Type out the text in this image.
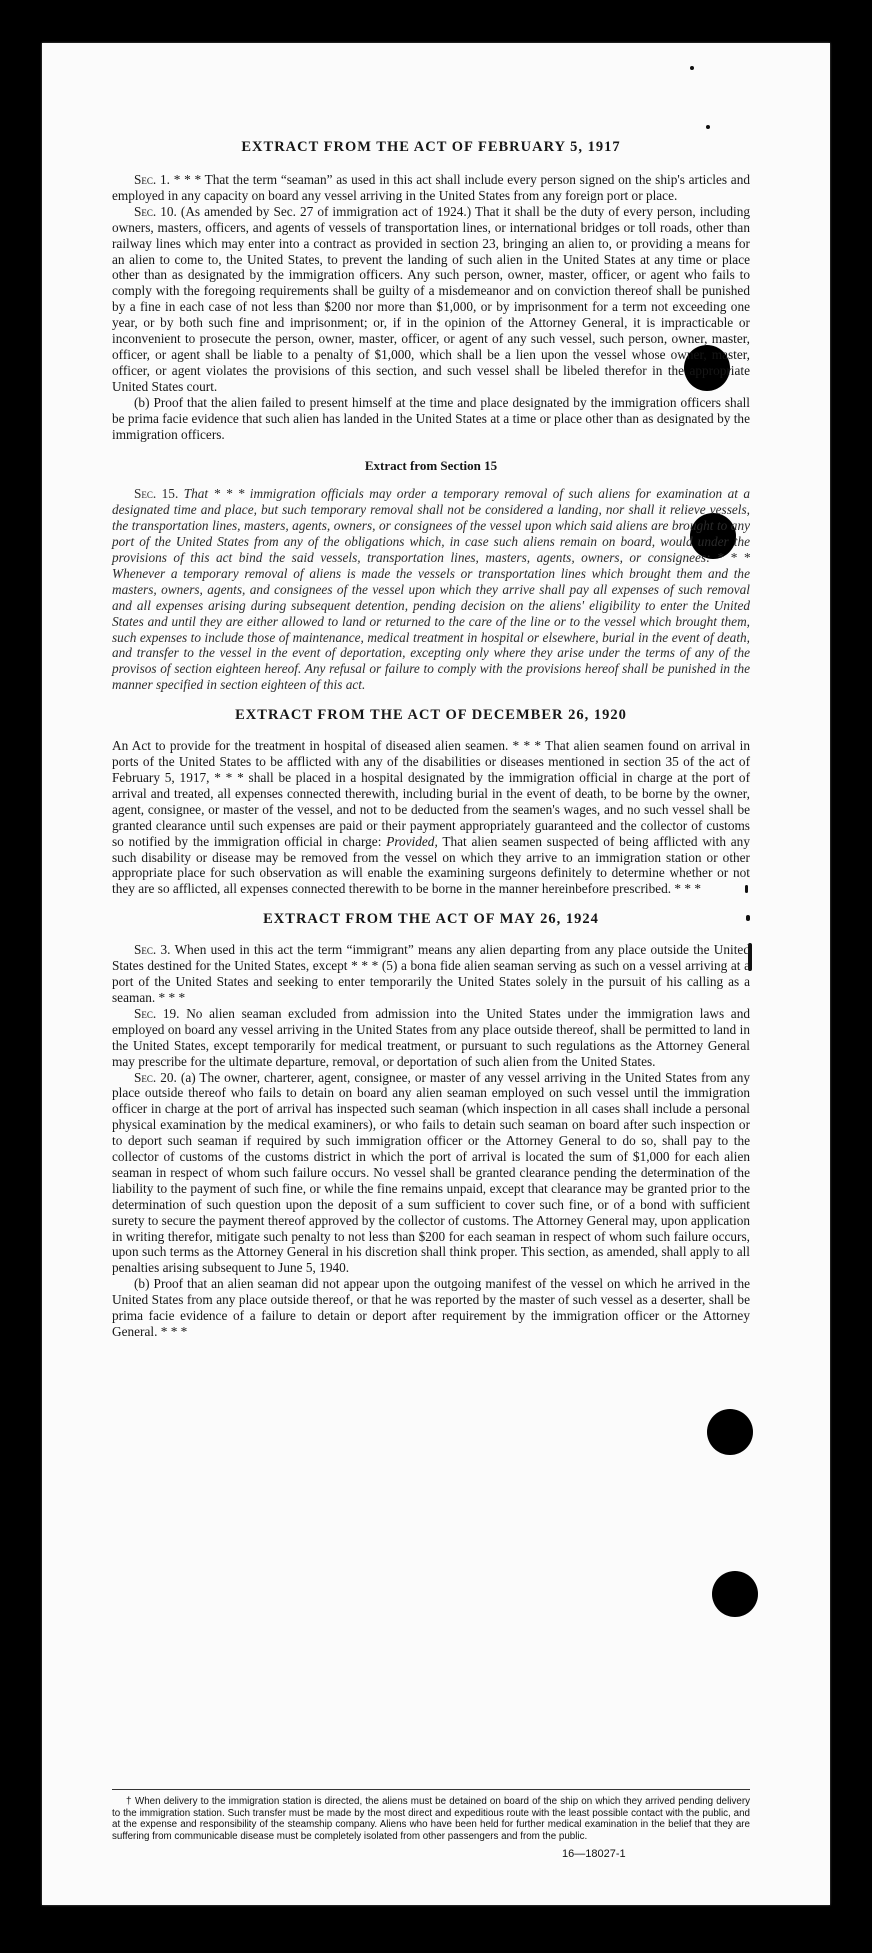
EXTRACT FROM THE ACT OF FEBRUARY 5, 1917

Sec. 1. * * * That the term “seaman” as used in this act shall include every person signed on the ship's articles and employed in any capacity on board any vessel arriving in the United States from any foreign port or place.

Sec. 10. (As amended by Sec. 27 of immigration act of 1924.) That it shall be the duty of every person, including owners, masters, officers, and agents of vessels of transportation lines, or international bridges or toll roads, other than railway lines which may enter into a contract as provided in section 23, bringing an alien to, or providing a means for an alien to come to, the United States, to prevent the landing of such alien in the United States at any time or place other than as designated by the immigration officers. Any such person, owner, master, officer, or agent who fails to comply with the foregoing requirements shall be guilty of a misdemeanor and on conviction thereof shall be punished by a fine in each case of not less than $200 nor more than $1,000, or by imprisonment for a term not exceeding one year, or by both such fine and imprisonment; or, if in the opinion of the Attorney General, it is impracticable or inconvenient to prosecute the person, owner, master, officer, or agent of any such vessel, such person, owner, master, officer, or agent shall be liable to a penalty of $1,000, which shall be a lien upon the vessel whose owner, master, officer, or agent violates the provisions of this section, and such vessel shall be libeled therefor in the appropriate United States court.

(b) Proof that the alien failed to present himself at the time and place designated by the immigration officers shall be prima facie evidence that such alien has landed in the United States at a time or place other than as designated by the immigration officers.

Extract from Section 15

Sec. 15. That * * * immigration officials may order a temporary removal of such aliens for examination at a designated time and place, but such temporary removal shall not be considered a landing, nor shall it relieve vessels, the transportation lines, masters, agents, owners, or consignees of the vessel upon which said aliens are brought to any port of the United States from any of the obligations which, in case such aliens remain on board, would under the provisions of this act bind the said vessels, transportation lines, masters, agents, owners, or consignees: * * * Whenever a temporary removal of aliens is made the vessels or transportation lines which brought them and the masters, owners, agents, and consignees of the vessel upon which they arrive shall pay all expenses of such removal and all expenses arising during subsequent detention, pending decision on the aliens' eligibility to enter the United States and until they are either allowed to land or returned to the care of the line or to the vessel which brought them, such expenses to include those of maintenance, medical treatment in hospital or elsewhere, burial in the event of death, and transfer to the vessel in the event of deportation, excepting only where they arise under the terms of any of the provisos of section eighteen hereof. Any refusal or failure to comply with the provisions hereof shall be punished in the manner specified in section eighteen of this act.

EXTRACT FROM THE ACT OF DECEMBER 26, 1920

An Act to provide for the treatment in hospital of diseased alien seamen. * * * That alien seamen found on arrival in ports of the United States to be afflicted with any of the disabilities or diseases mentioned in section 35 of the act of February 5, 1917, * * * shall be placed in a hospital designated by the immigration official in charge at the port of arrival and treated, all expenses connected therewith, including burial in the event of death, to be borne by the owner, agent, consignee, or master of the vessel, and not to be deducted from the seamen's wages, and no such vessel shall be granted clearance until such expenses are paid or their payment appropriately guaranteed and the collector of customs so notified by the immigration official in charge: Provided, That alien seamen suspected of being afflicted with any such disability or disease may be removed from the vessel on which they arrive to an immigration station or other appropriate place for such observation as will enable the examining surgeons definitely to determine whether or not they are so afflicted, all expenses connected therewith to be borne in the manner hereinbefore prescribed. * * *

EXTRACT FROM THE ACT OF MAY 26, 1924

Sec. 3. When used in this act the term “immigrant” means any alien departing from any place outside the United States destined for the United States, except * * * (5) a bona fide alien seaman serving as such on a vessel arriving at a port of the United States and seeking to enter temporarily the United States solely in the pursuit of his calling as a seaman. * * *

Sec. 19. No alien seaman excluded from admission into the United States under the immigration laws and employed on board any vessel arriving in the United States from any place outside thereof, shall be permitted to land in the United States, except temporarily for medical treatment, or pursuant to such regulations as the Attorney General may prescribe for the ultimate departure, removal, or deportation of such alien from the United States.

Sec. 20. (a) The owner, charterer, agent, consignee, or master of any vessel arriving in the United States from any place outside thereof who fails to detain on board any alien seaman employed on such vessel until the immigration officer in charge at the port of arrival has inspected such seaman (which inspection in all cases shall include a personal physical examination by the medical examiners), or who fails to detain such seaman on board after such inspection or to deport such seaman if required by such immigration officer or the Attorney General to do so, shall pay to the collector of customs of the customs district in which the port of arrival is located the sum of $1,000 for each alien seaman in respect of whom such failure occurs. No vessel shall be granted clearance pending the determination of the liability to the payment of such fine, or while the fine remains unpaid, except that clearance may be granted prior to the determination of such question upon the deposit of a sum sufficient to cover such fine, or of a bond with sufficient surety to secure the payment thereof approved by the collector of customs. The Attorney General may, upon application in writing therefor, mitigate such penalty to not less than $200 for each seaman in respect of whom such failure occurs, upon such terms as the Attorney General in his discretion shall think proper. This section, as amended, shall apply to all penalties arising subsequent to June 5, 1940.

(b) Proof that an alien seaman did not appear upon the outgoing manifest of the vessel on which he arrived in the United States from any place outside thereof, or that he was reported by the master of such vessel as a deserter, shall be prima facie evidence of a failure to detain or deport after requirement by the immigration officer or the Attorney General. * * *

† When delivery to the immigration station is directed, the aliens must be detained on board of the ship on which they arrived pending delivery to the immigration station. Such transfer must be made by the most direct and expeditious route with the least possible contact with the public, and at the expense and responsibility of the steamship company. Aliens who have been held for further medical examination in the belief that they are suffering from communicable disease must be completely isolated from other passengers and from the public.

16—18027-1
